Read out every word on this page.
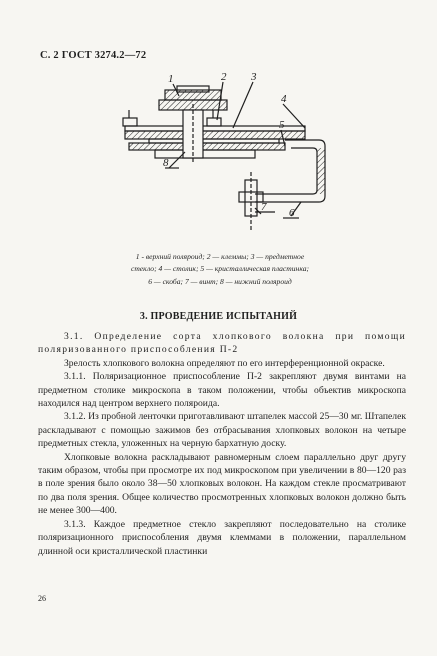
С. 2 ГОСТ 3274.2—72
1	2 3
4
5
8
7 6
1 - верхний поляроид; 2 — клеммы; 3 — предметное
стекло; 4 — столик; 5 — кристаллическая пластинка;
6 — скоба; 7 — винт; 8 — нижний поляроид
3. ПРОВЕДЕНИЕ ИСПЫТАНИЙ

3.1. Определение сорта хлопкового волокна при помощи поляризованного приспособления П-2

Зрелость хлопкового волокна определяют по его интерференционной окраске.

3.1.1. Поляризационное приспособление П-2 закрепляют двумя винтами на предметном столике микроскопа в таком положении, чтобы объектив микроскопа находился над центром верхнего поляроида.

3.1.2. Из пробной ленточки приготавливают штапелек массой 25—30 мг. Штапелек раскладывают с помощью зажимов без отбрасывания хлопковых волокон на четыре предметных стекла, уложенных на черную бархатную доску.

Хлопковые волокна раскладывают равномерным слоем параллельно друг другу таким образом, чтобы при просмотре их под микроскопом при увеличении в 80—120 раз в поле зрения было около 38—50 хлопковых волокон. На каждом стекле просматривают по два поля зрения. Общее количество просмотренных хлопковых волокон должно быть не менее 300—400.

3.1.3. Каждое предметное стекло закрепляют последовательно на столике поляризационного приспособления двумя клеммами в положении, параллельном длинной оси кристаллической пластинки

26
